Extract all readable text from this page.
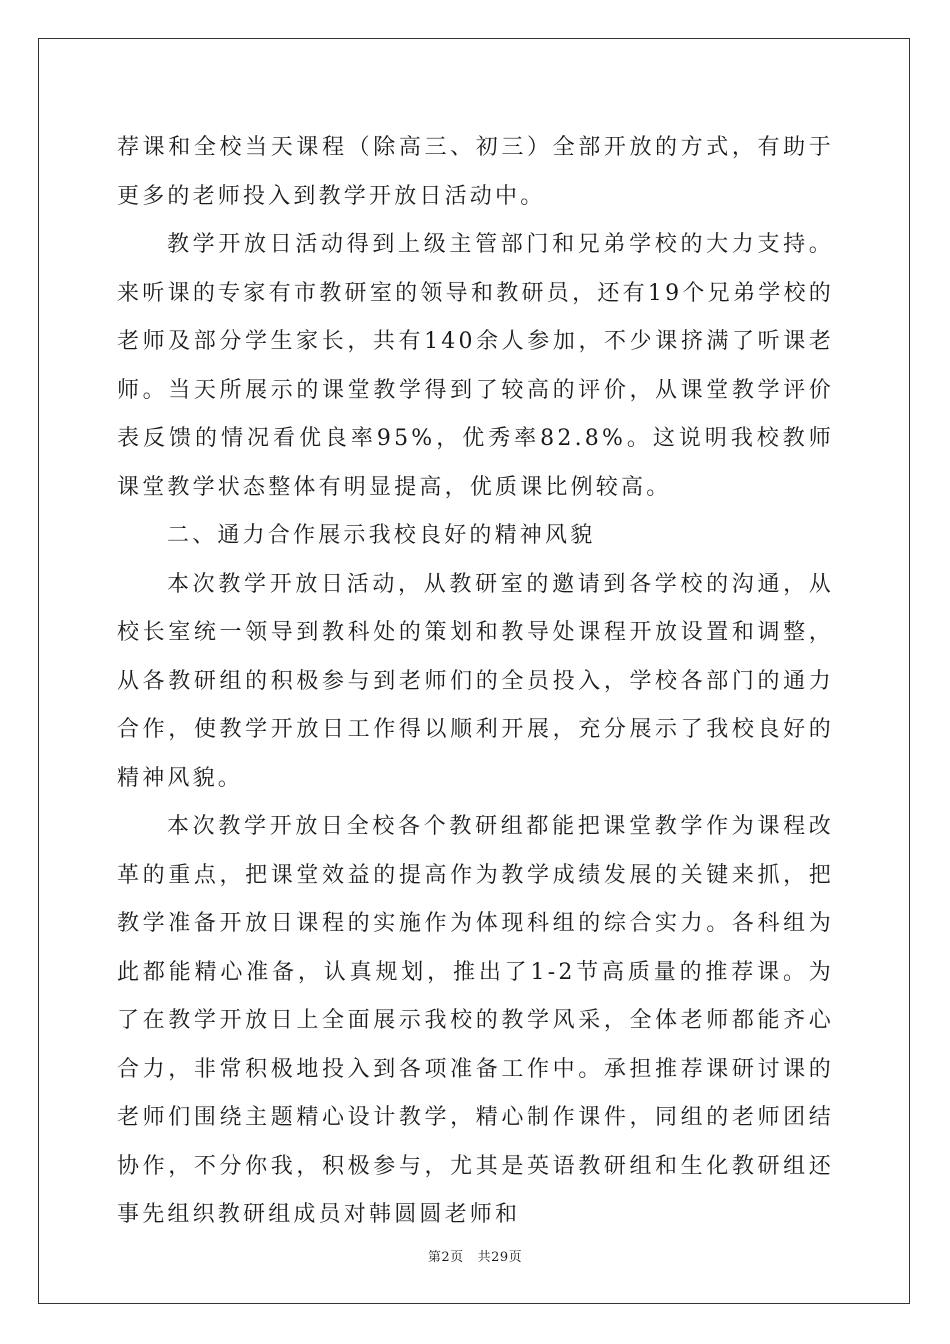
荐课和全校当天课程（除高三、初三）全部开放的方式，有助于更多的老师投入到教学开放日活动中。

教学开放日活动得到上级主管部门和兄弟学校的大力支持。来听课的专家有市教研室的领导和教研员，还有19个兄弟学校的老师及部分学生家长，共有140余人参加，不少课挤满了听课老师。当天所展示的课堂教学得到了较高的评价，从课堂教学评价表反馈的情况看优良率95%，优秀率82.8%。这说明我校教师课堂教学状态整体有明显提高，优质课比例较高。

二、通力合作展示我校良好的精神风貌

本次教学开放日活动，从教研室的邀请到各学校的沟通，从校长室统一领导到教科处的策划和教导处课程开放设置和调整，从各教研组的积极参与到老师们的全员投入，学校各部门的通力合作，使教学开放日工作得以顺利开展，充分展示了我校良好的精神风貌。

本次教学开放日全校各个教研组都能把课堂教学作为课程改革的重点，把课堂效益的提高作为教学成绩发展的关键来抓，把教学准备开放日课程的实施作为体现科组的综合实力。各科组为此都能精心准备，认真规划，推出了1-2节高质量的推荐课。为了在教学开放日上全面展示我校的教学风采，全体老师都能齐心合力，非常积极地投入到各项准备工作中。承担推荐课研讨课的老师们围绕主题精心设计教学，精心制作课件，同组的老师团结协作，不分你我，积极参与，尤其是英语教研组和生化教研组还事先组织教研组成员对韩圆圆老师和

第2页 共29页
